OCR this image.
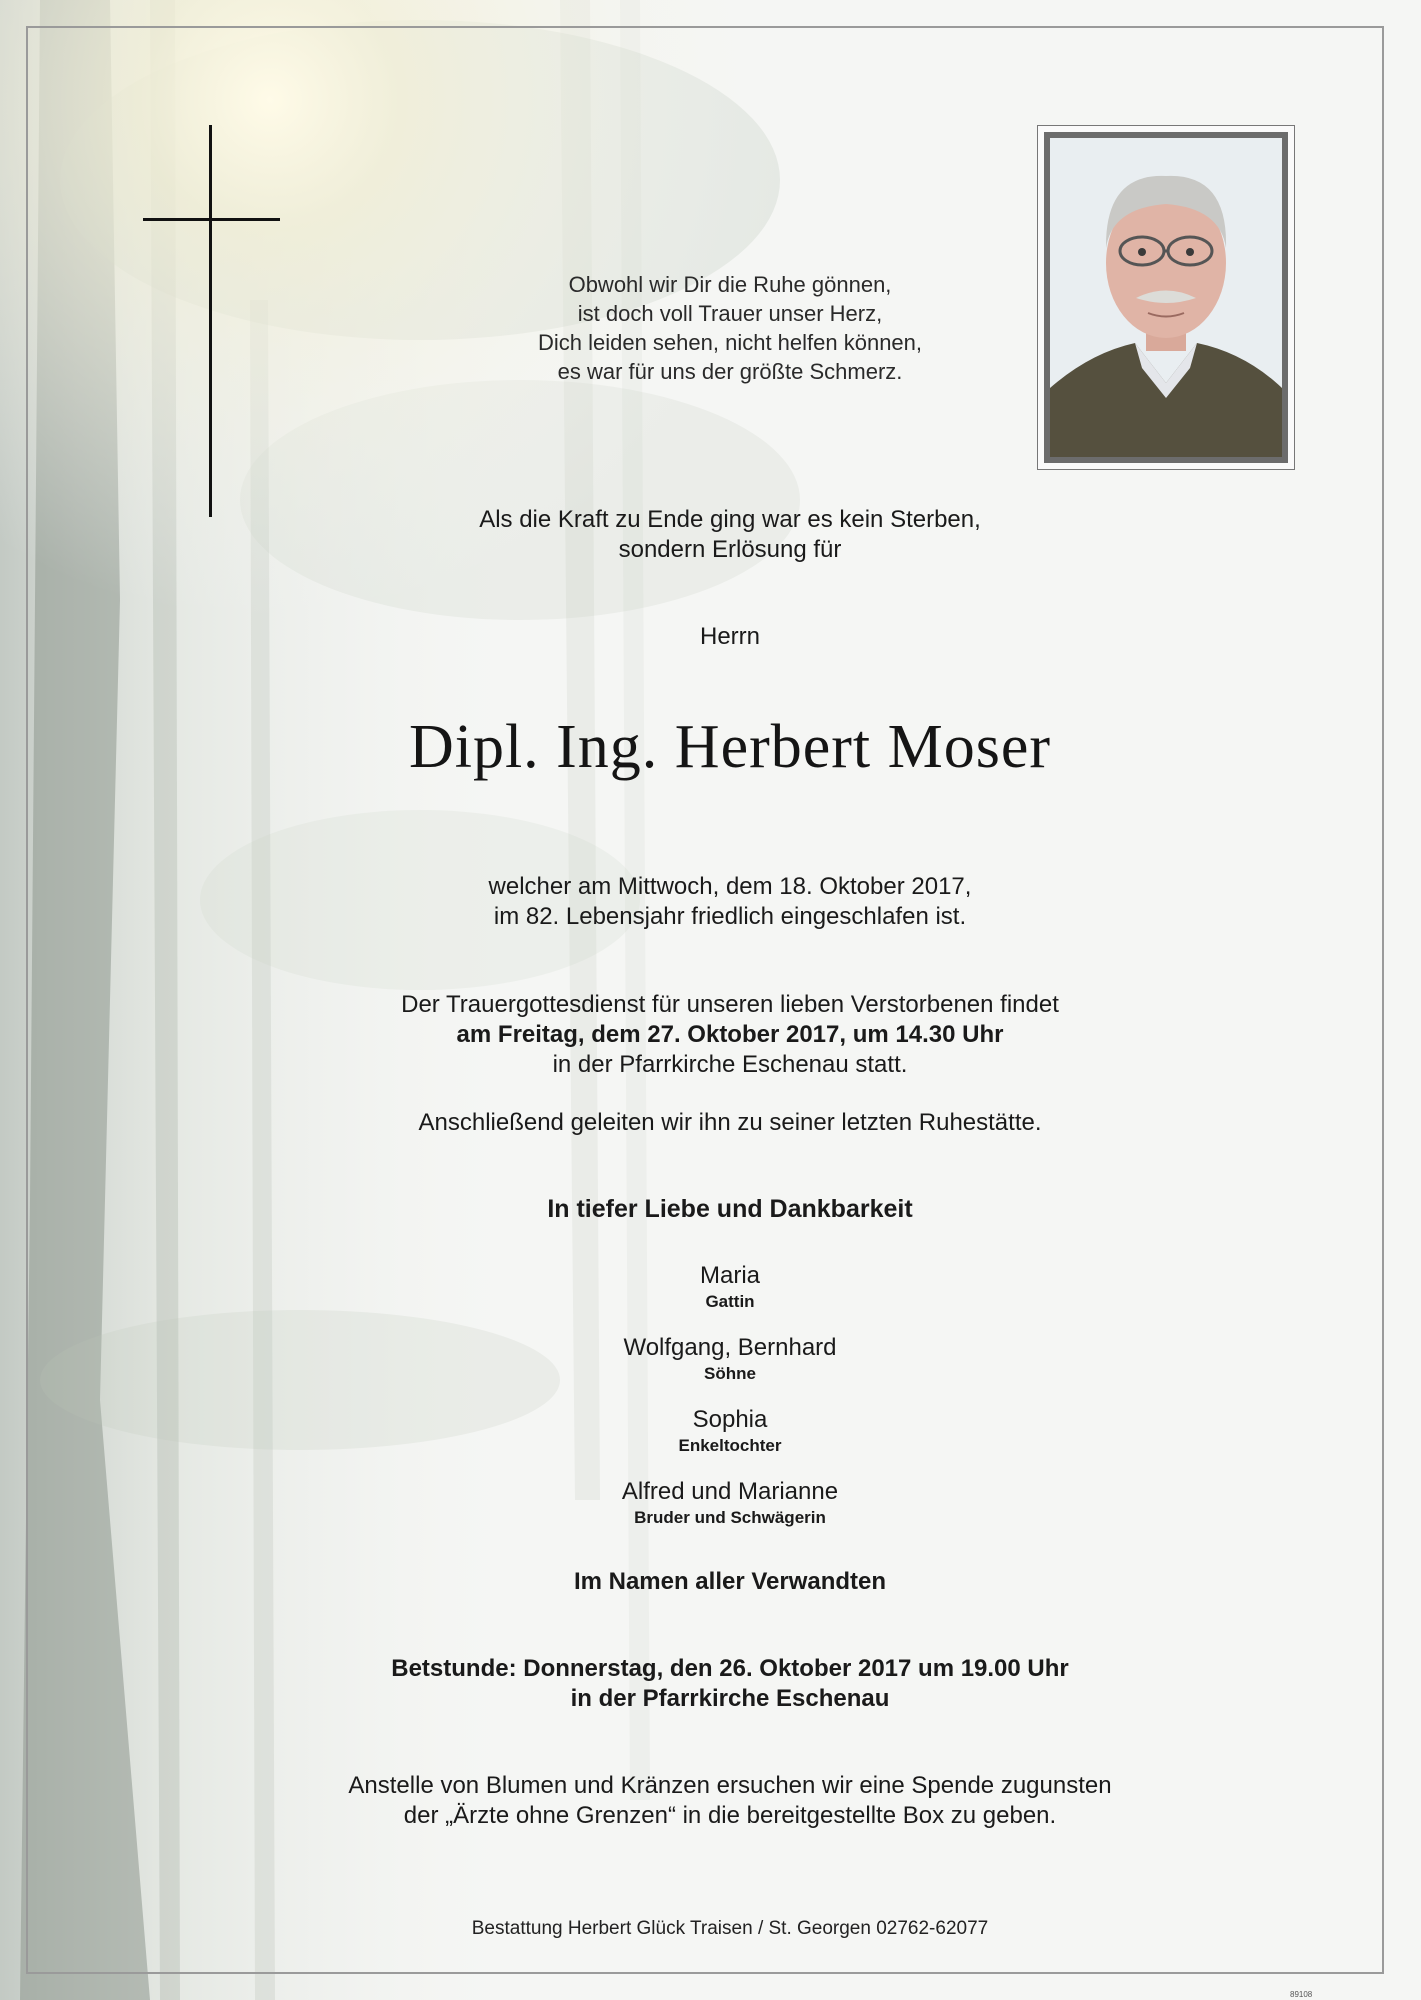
Obwohl wir Dir die Ruhe gönnen,
ist doch voll Trauer unser Herz,
Dich leiden sehen, nicht helfen können,
es war für uns der größte Schmerz.
Als die Kraft zu Ende ging war es kein Sterben,
sondern Erlösung für
Herrn
Dipl. Ing. Herbert Moser
welcher am Mittwoch, dem 18. Oktober 2017,
im 82. Lebensjahr friedlich eingeschlafen ist.
Der Trauergottesdienst für unseren lieben Verstorbenen findet
am Freitag, dem 27. Oktober 2017, um 14.30 Uhr
in der Pfarrkirche Eschenau statt.
Anschließend geleiten wir ihn zu seiner letzten Ruhestätte.
In tiefer Liebe und Dankbarkeit
Maria
Gattin
Wolfgang, Bernhard
Söhne
Sophia
Enkeltochter
Alfred und Marianne
Bruder und Schwägerin
Im Namen aller Verwandten
Betstunde: Donnerstag, den 26. Oktober 2017 um 19.00 Uhr
in der Pfarrkirche Eschenau
Anstelle von Blumen und Kränzen ersuchen wir eine Spende zugunsten
der „Ärzte ohne Grenzen“ in die bereitgestellte Box zu geben.
Bestattung Herbert Glück Traisen / St. Georgen 02762-62077
89108
